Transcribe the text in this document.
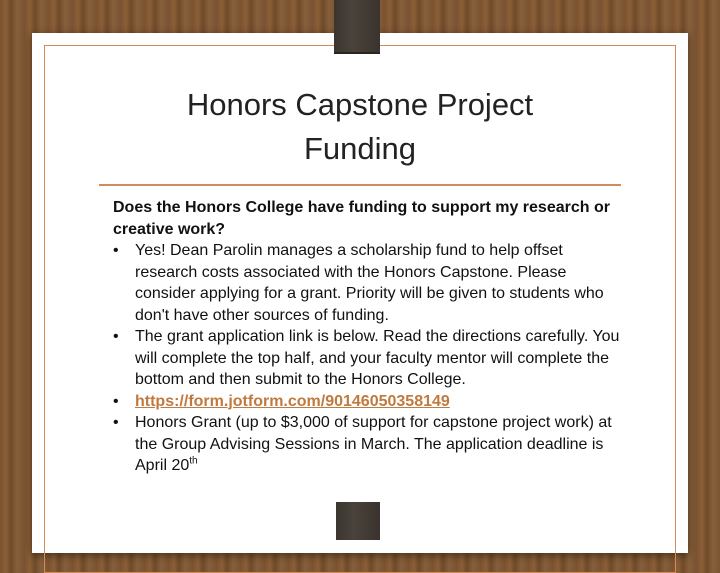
Honors Capstone Project
Funding

Does the Honors College have funding to support my research or creative work?

•	Yes! Dean Parolin manages a scholarship fund to help offset research costs associated with the Honors Capstone. Please consider applying for a grant. Priority will be given to students who don't have other sources of funding.
•	The grant application link is below. Read the directions carefully. You will complete the top half, and your faculty mentor will complete the bottom and then submit to the Honors College.
•	https://form.jotform.com/90146050358149
•	Honors Grant (up to $3,000 of support for capstone project work) at the Group Advising Sessions in March. The application deadline is April 20th
